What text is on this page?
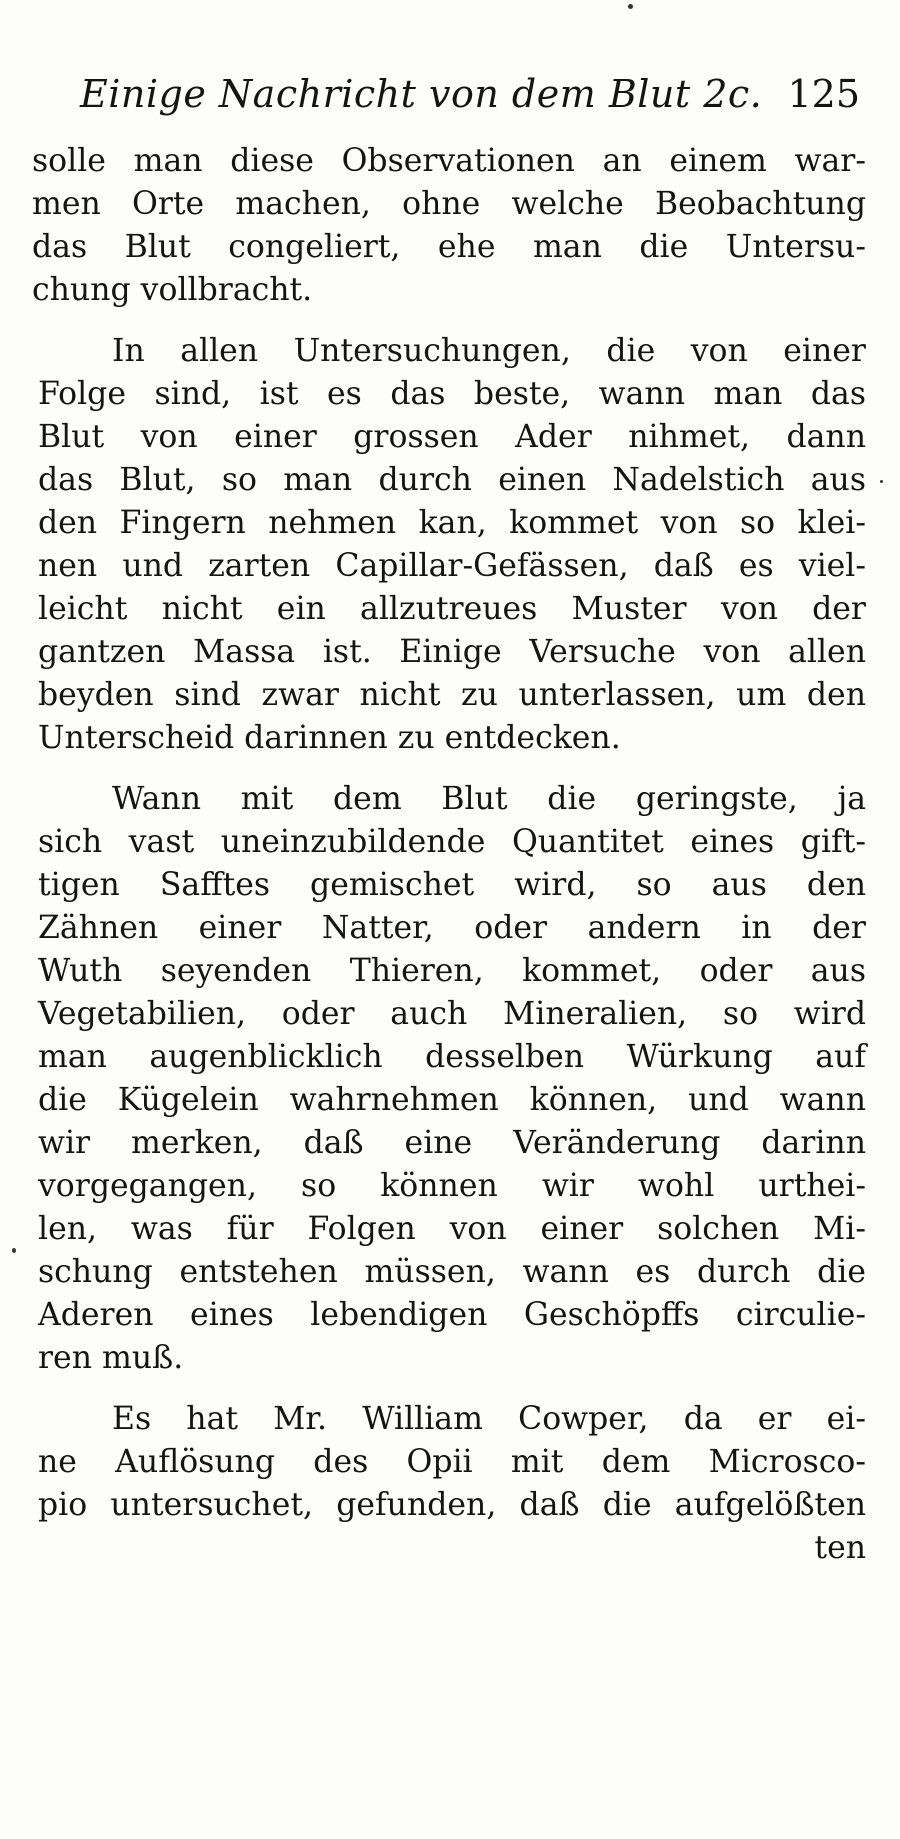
Einige Nachricht von dem Blut 2c. 125
solle man diese Observationen an einem war-
men Orte machen, ohne welche Beobachtung
das Blut congeliert, ehe man die Untersu-
chung vollbracht.
In allen Untersuchungen, die von einer
Folge sind, ist es das beste, wann man das
Blut von einer grossen Ader nihmet, dann
das Blut, so man durch einen Nadelstich aus
den Fingern nehmen kan, kommet von so klei-
nen und zarten Capillar-Gefässen, daß es viel-
leicht nicht ein allzutreues Muster von der
gantzen Massa ist. Einige Versuche von allen
beyden sind zwar nicht zu unterlassen, um den
Unterscheid darinnen zu entdecken.
Wann mit dem Blut die geringste, ja
sich vast uneinzubildende Quantitet eines gift-
tigen Safftes gemischet wird, so aus den
Zähnen einer Natter, oder andern in der
Wuth seyenden Thieren, kommet, oder aus
Vegetabilien, oder auch Mineralien, so wird
man augenblicklich desselben Würkung auf
die Kügelein wahrnehmen können, und wann
wir merken, daß eine Veränderung darinn
vorgegangen, so können wir wohl urthei-
len, was für Folgen von einer solchen Mi-
schung entstehen müssen, wann es durch die
Aderen eines lebendigen Geschöpffs circulie-
ren muß.
Es hat Mr. William Cowper, da er ei-
ne Auflösung des Opii mit dem Microsco-
pio untersuchet, gefunden, daß die aufgelößten
ten
